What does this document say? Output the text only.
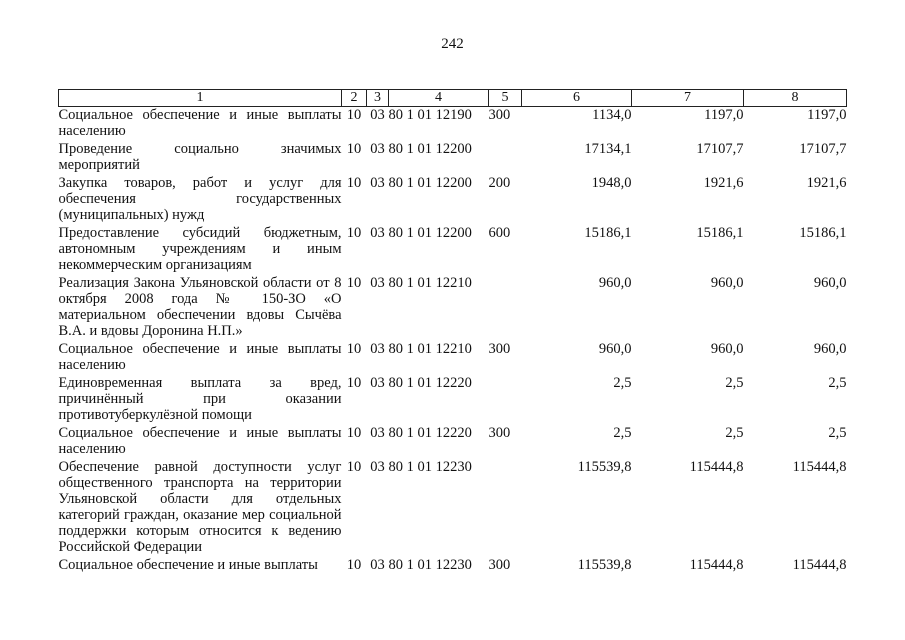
242
1	2	3	4	5	6	7	8
Социальное обеспечение и иные выплаты населению	10	03	80 1 01 12190	300	1134,0	1197,0	1197,0
Проведение социально значимых мероприятий	10	03	80 1 01 12200		17134,1	17107,7	17107,7
Закупка товаров, работ и услуг для обеспечения государственных (муниципальных) нужд	10	03	80 1 01 12200	200	1948,0	1921,6	1921,6
Предоставление субсидий бюджетным, автономным учреждениям и иным некоммерческим организациям	10	03	80 1 01 12200	600	15186,1	15186,1	15186,1
Реализация Закона Ульяновской области от 8 октября 2008 года № 150-ЗО «О материальном обеспечении вдовы Сычёва В.А. и вдовы Доронина Н.П.»	10	03	80 1 01 12210		960,0	960,0	960,0
Социальное обеспечение и иные выплаты населению	10	03	80 1 01 12210	300	960,0	960,0	960,0
Единовременная выплата за вред, причинённый при оказании противотуберкулёзной помощи	10	03	80 1 01 12220		2,5	2,5	2,5
Социальное обеспечение и иные выплаты населению	10	03	80 1 01 12220	300	2,5	2,5	2,5
Обеспечение равной доступности услуг общественного транспорта на территории Ульяновской области для отдельных категорий граждан, оказание мер социальной поддержки которым относится к ведению Российской Федерации	10	03	80 1 01 12230		115539,8	115444,8	115444,8
Социальное обеспечение и иные выплаты	10	03	80 1 01 12230	300	115539,8	115444,8	115444,8
